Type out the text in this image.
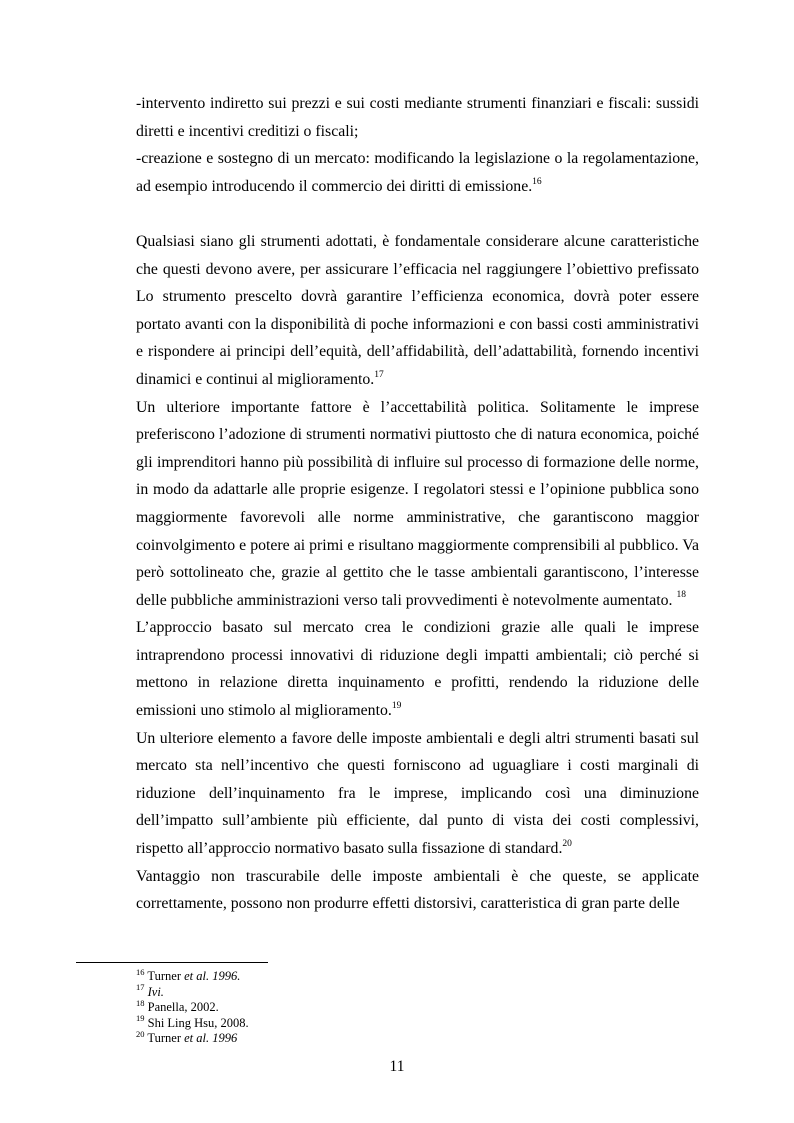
-intervento indiretto sui prezzi e sui costi mediante strumenti finanziari e fiscali: sussidi diretti e incentivi creditizi o fiscali;

-creazione e sostegno di un mercato: modificando la legislazione o la regolamentazione, ad esempio introducendo il commercio dei diritti di emissione.$^{16}$

Qualsiasi siano gli strumenti adottati, è fondamentale considerare alcune caratteristiche che questi devono avere, per assicurare l’efficacia nel raggiungere l’obiettivo prefissato Lo strumento prescelto dovrà garantire l’efficienza economica, dovrà poter essere portato avanti con la disponibilità di poche informazioni e con bassi costi amministrativi e rispondere ai principi dell’equità, dell’affidabilità, dell’adattabilità, fornendo incentivi dinamici e continui al miglioramento.$^{17}$

Un ulteriore importante fattore è l’accettabilità politica. Solitamente le imprese preferiscono l’adozione di strumenti normativi piuttosto che di natura economica, poiché gli imprenditori hanno più possibilità di influire sul processo di formazione delle norme, in modo da adattarle alle proprie esigenze. I regolatori stessi e l’opinione pubblica sono maggiormente favorevoli alle norme amministrative, che garantiscono maggior coinvolgimento e potere ai primi e risultano maggiormente comprensibili al pubblico. Va però sottolineato che, grazie al gettito che le tasse ambientali garantiscono, l’interesse delle pubbliche amministrazioni verso tali provvedimenti è notevolmente aumentato. $^{18}$

L’approccio basato sul mercato crea le condizioni grazie alle quali le imprese intraprendono processi innovativi di riduzione degli impatti ambientali; ciò perché si mettono in relazione diretta inquinamento e profitti, rendendo la riduzione delle emissioni uno stimolo al miglioramento.$^{19}$

Un ulteriore elemento a favore delle imposte ambientali e degli altri strumenti basati sul mercato sta nell’incentivo che questi forniscono ad uguagliare i costi marginali di riduzione dell’inquinamento fra le imprese, implicando così una diminuzione dell’impatto sull’ambiente più efficiente, dal punto di vista dei costi complessivi, rispetto all’approccio normativo basato sulla fissazione di standard.$^{20}$

Vantaggio non trascurabile delle imposte ambientali è che queste, se applicate correttamente, possono non produrre effetti distorsivi, caratteristica di gran parte delle

$^{16}$ Turner et al. 1996.

$^{17}$ Ivi.

$^{18}$ Panella, 2002.

$^{19}$ Shi Ling Hsu, 2008.

$^{20}$ Turner et al. 1996

11
